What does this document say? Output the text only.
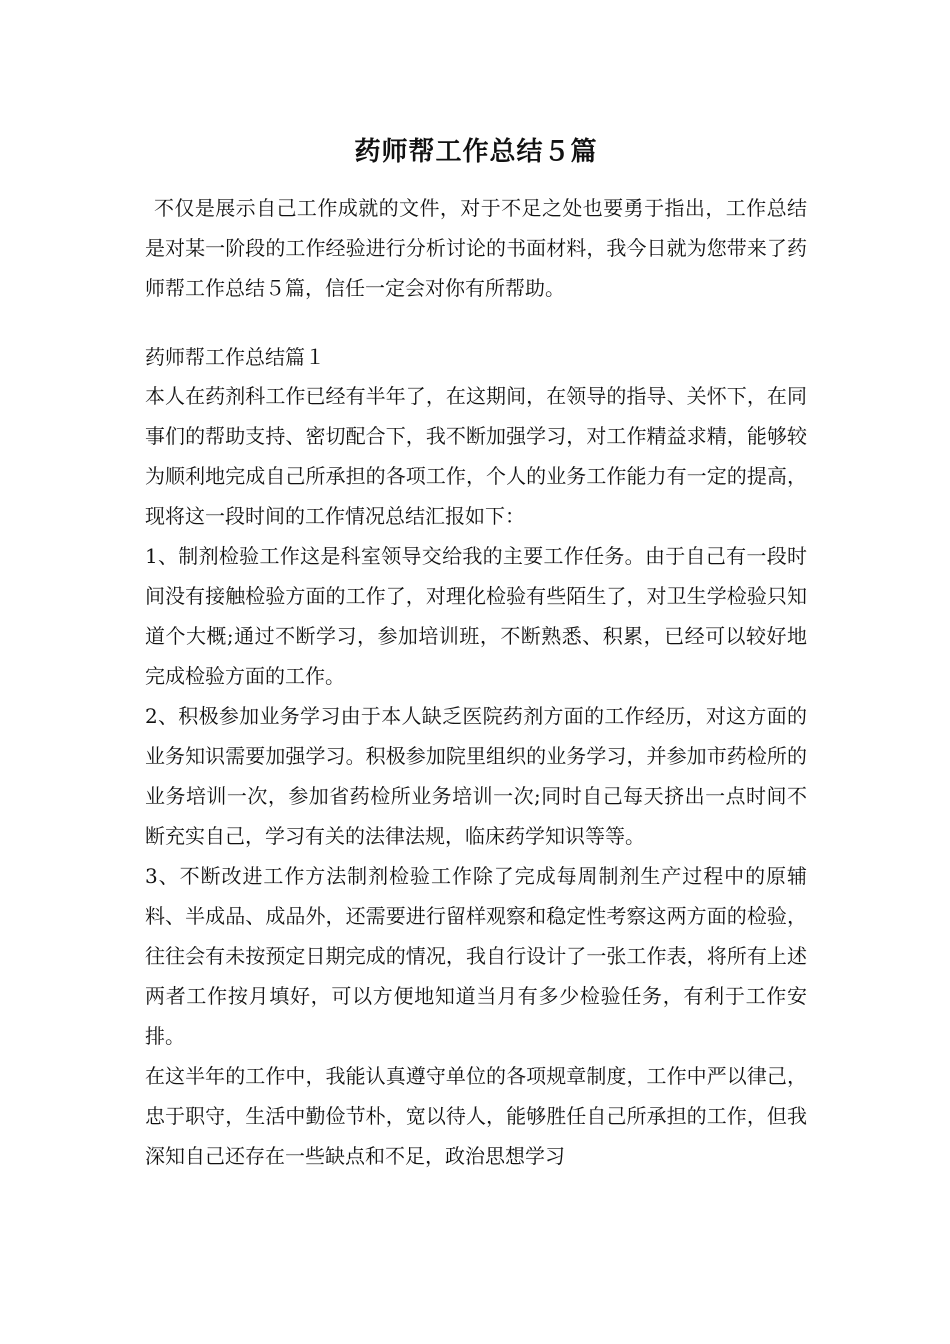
药师帮工作总结５篇

不仅是展示自己工作成就的文件，对于不足之处也要勇于指出，工作总结是对某一阶段的工作经验进行分析讨论的书面材料，我今日就为您带来了药师帮工作总结５篇，信任一定会对你有所帮助。

药师帮工作总结篇１

本人在药剂科工作已经有半年了，在这期间，在领导的指导、关怀下，在同事们的帮助支持、密切配合下，我不断加强学习，对工作精益求精，能够较为顺利地完成自己所承担的各项工作，个人的业务工作能力有一定的提高，现将这一段时间的工作情况总结汇报如下：

1、制剂检验工作这是科室领导交给我的主要工作任务。由于自己有一段时间没有接触检验方面的工作了，对理化检验有些陌生了，对卫生学检验只知道个大概;通过不断学习，参加培训班，不断熟悉、积累，已经可以较好地完成检验方面的工作。

2、积极参加业务学习由于本人缺乏医院药剂方面的工作经历，对这方面的业务知识需要加强学习。积极参加院里组织的业务学习，并参加市药检所的业务培训一次，参加省药检所业务培训一次;同时自己每天挤出一点时间不断充实自己，学习有关的法律法规，临床药学知识等等。

3、不断改进工作方法制剂检验工作除了完成每周制剂生产过程中的原辅料、半成品、成品外，还需要进行留样观察和稳定性考察这两方面的检验，往往会有未按预定日期完成的情况，我自行设计了一张工作表，将所有上述两者工作按月填好，可以方便地知道当月有多少检验任务，有利于工作安排。

在这半年的工作中，我能认真遵守单位的各项规章制度，工作中严以律己，忠于职守，生活中勤俭节朴，宽以待人，能够胜任自己所承担的工作，但我深知自己还存在一些缺点和不足，政治思想学习
